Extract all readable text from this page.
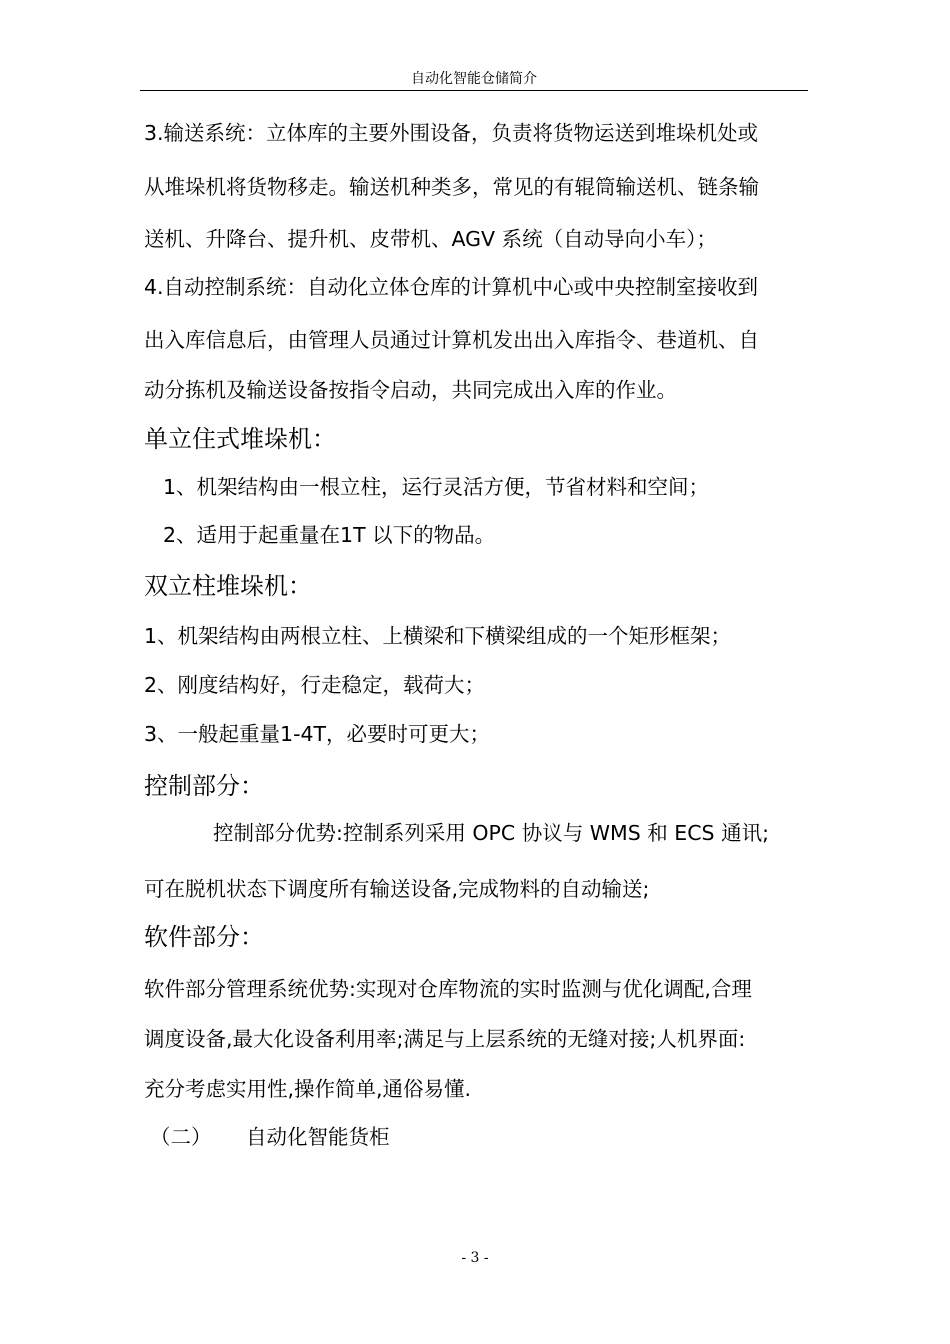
自动化智能仓储简介
3.输送系统：立体库的主要外围设备，负责将货物运送到堆垛机处或
从堆垛机将货物移走。输送机种类多，常见的有辊筒输送机、链条输
送机、升降台、提升机、皮带机、AGV 系统（自动导向小车）；
4.自动控制系统：自动化立体仓库的计算机中心或中央控制室接收到
出入库信息后，由管理人员通过计算机发出出入库指令、巷道机、自
动分拣机及输送设备按指令启动，共同完成出入库的作业。
单立住式堆垛机：
1、机架结构由一根立柱，运行灵活方便，节省材料和空间；
2、适用于起重量在1T 以下的物品。
双立柱堆垛机：
1、机架结构由两根立柱、上横梁和下横梁组成的一个矩形框架；
2、刚度结构好，行走稳定，载荷大；
3、一般起重量1-4T，必要时可更大；
控制部分：
控制部分优势:控制系列采用 OPC 协议与 WMS 和 ECS 通讯;
可在脱机状态下调度所有输送设备,完成物料的自动输送;
软件部分：
软件部分管理系统优势:实现对仓库物流的实时监测与优化调配,合理
调度设备,最大化设备利用率;满足与上层系统的无缝对接;人机界面:
充分考虑实用性,操作简单,通俗易懂.
（二） 自动化智能货柜
- 3 -
